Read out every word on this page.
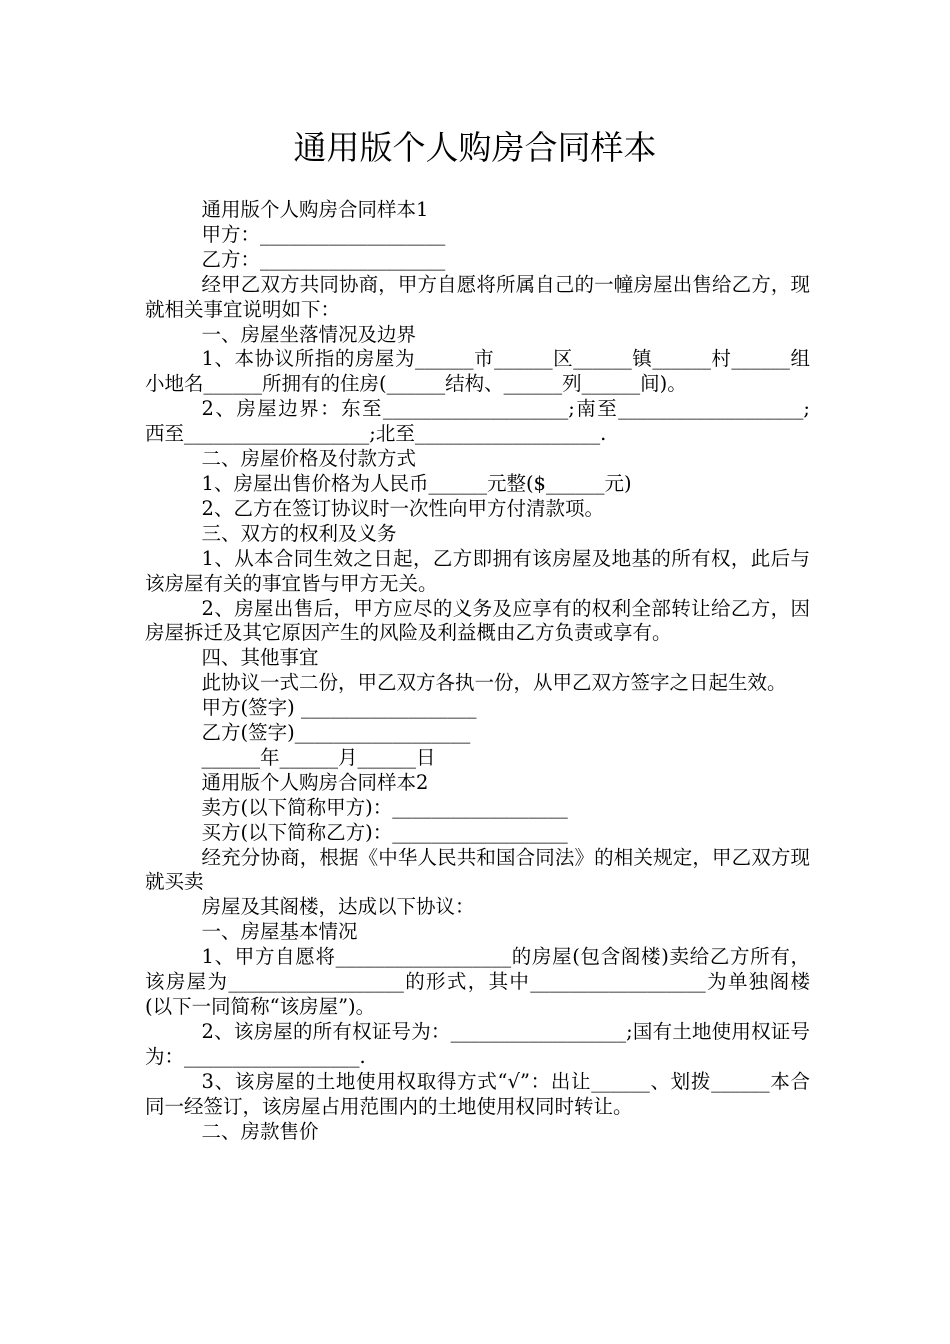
通用版个人购房合同样本

通用版个人购房合同样本1

甲方：___________________

乙方：___________________

经甲乙双方共同协商，甲方自愿将所属自己的一幢房屋出售给乙方，现就相关事宜说明如下：

一、房屋坐落情况及边界

1、本协议所指的房屋为______市______区______镇______村______组小地名______所拥有的住房(______结构、______列______间)。

2、房屋边界：东至___________________;南至___________________;西至___________________;北至___________________.

二、房屋价格及付款方式

1、房屋出售价格为人民币______元整($______元)

2、乙方在签订协议时一次性向甲方付清款项。

三、双方的权利及义务

1、从本合同生效之日起，乙方即拥有该房屋及地基的所有权，此后与该房屋有关的事宜皆与甲方无关。

2、房屋出售后，甲方应尽的义务及应享有的权利全部转让给乙方，因房屋拆迁及其它原因产生的风险及利益概由乙方负责或享有。

四、其他事宜

此协议一式二份，甲乙双方各执一份，从甲乙双方签字之日起生效。

甲方(签字) __________________

乙方(签字)__________________

______年______月______日

通用版个人购房合同样本2

卖方(以下简称甲方)：__________________

买方(以下简称乙方)：__________________

经充分协商，根据《中华人民共和国合同法》的相关规定，甲乙双方现就买卖

房屋及其阁楼，达成以下协议：

一、房屋基本情况

1、甲方自愿将__________________的房屋(包含阁楼)卖给乙方所有，该房屋为__________________的形式，其中__________________为单独阁楼(以下一同简称“该房屋”)。

2、该房屋的所有权证号为：__________________;国有土地使用权证号为：__________________.

3、该房屋的土地使用权取得方式“√”：出让______、划拨______本合同一经签订，该房屋占用范围内的土地使用权同时转让。

二、房款售价
